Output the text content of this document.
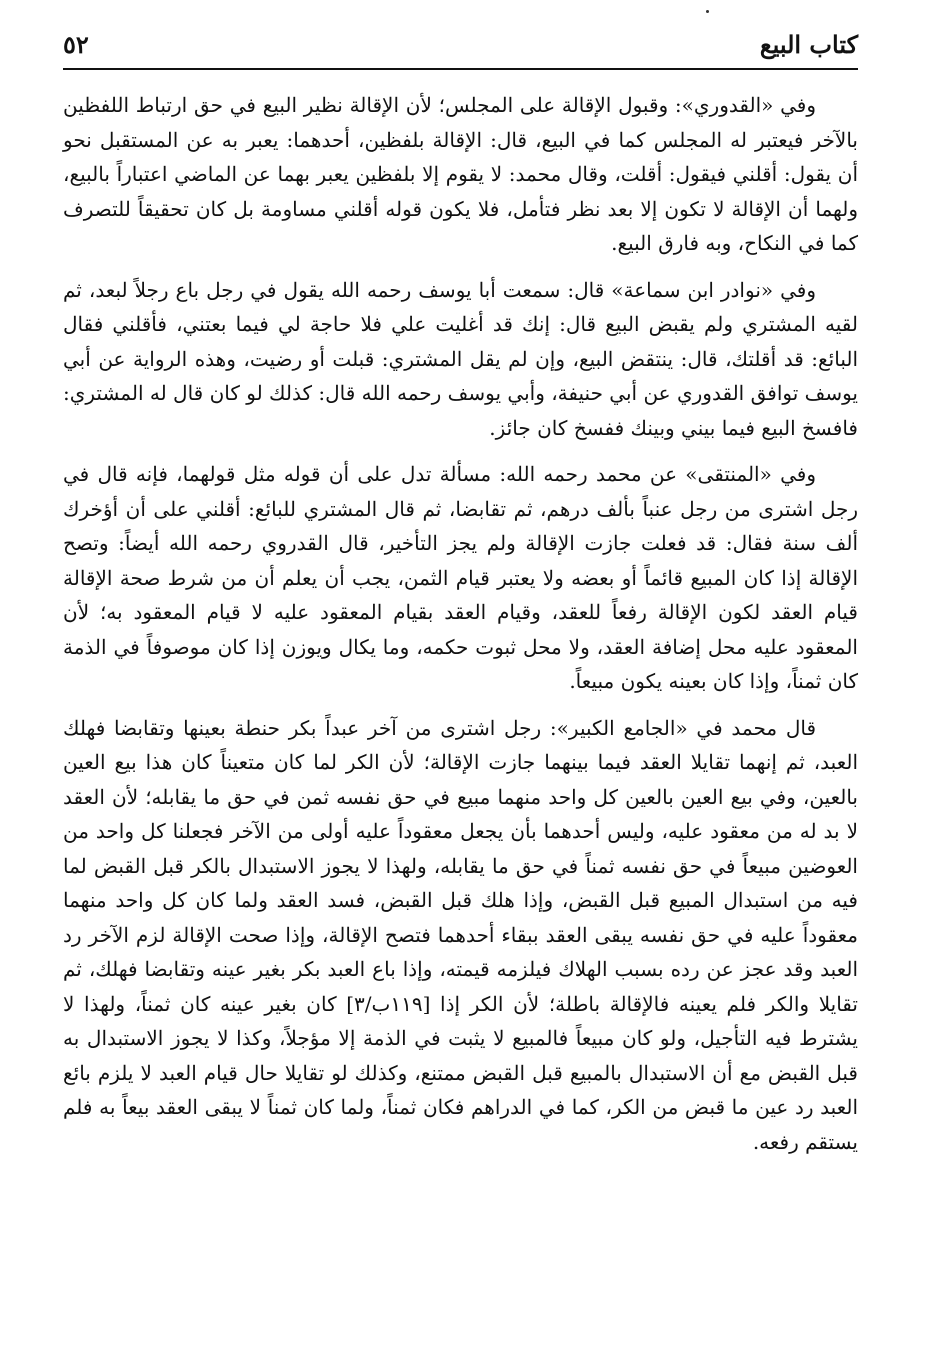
كتاب البيع
٥٢

وفي «القدوري»: وقبول الإقالة على المجلس؛ لأن الإقالة نظير البيع في حق ارتباط اللفظين بالآخر فيعتبر له المجلس كما في البيع، قال: الإقالة بلفظين، أحدهما: يعبر به عن المستقبل نحو أن يقول: أقلني فيقول: أقلت، وقال محمد: لا يقوم إلا بلفظين يعبر بهما عن الماضي اعتباراً بالبيع، ولهما أن الإقالة لا تكون إلا بعد نظر فتأمل، فلا يكون قوله أقلني مساومة بل كان تحقيقاً للتصرف كما في النكاح، وبه فارق البيع.

وفي «نوادر ابن سماعة» قال: سمعت أبا يوسف رحمه الله يقول في رجل باع رجلاً لبعد، ثم لقيه المشتري ولم يقبض البيع قال: إنك قد أغليت علي فلا حاجة لي فيما بعتني، فأقلني فقال البائع: قد أقلتك، قال: ينتقض البيع، وإن لم يقل المشتري: قبلت أو رضيت، وهذه الرواية عن أبي يوسف توافق القدوري عن أبي حنيفة، وأبي يوسف رحمه الله قال: كذلك لو كان قال له المشتري: فافسخ البيع فيما بيني وبينك ففسخ كان جائز.

وفي «المنتقى» عن محمد رحمه الله: مسألة تدل على أن قوله مثل قولهما، فإنه قال في رجل اشترى من رجل عنباً بألف درهم، ثم تقابضا، ثم قال المشتري للبائع: أقلني على أن أؤخرك ألف سنة فقال: قد فعلت جازت الإقالة ولم يجز التأخير، قال القدروي رحمه الله أيضاً: وتصح الإقالة إذا كان المبيع قائماً أو بعضه ولا يعتبر قيام الثمن، يجب أن يعلم أن من شرط صحة الإقالة قيام العقد لكون الإقالة رفعاً للعقد، وقيام العقد بقيام المعقود عليه لا قيام المعقود به؛ لأن المعقود عليه محل إضافة العقد، ولا محل ثبوت حكمه، وما يكال ويوزن إذا كان موصوفاً في الذمة كان ثمناً، وإذا كان بعينه يكون مبيعاً.

قال محمد في «الجامع الكبير»: رجل اشترى من آخر عبداً بكر حنطة بعينها وتقابضا فهلك العبد، ثم إنهما تقايلا العقد فيما بينهما جازت الإقالة؛ لأن الكر لما كان متعيناً كان هذا بيع العين بالعين، وفي بيع العين بالعين كل واحد منهما مبيع في حق نفسه ثمن في حق ما يقابله؛ لأن العقد لا بد له من معقود عليه، وليس أحدهما بأن يجعل معقوداً عليه أولى من الآخر فجعلنا كل واحد من العوضين مبيعاً في حق نفسه ثمناً في حق ما يقابله، ولهذا لا يجوز الاستبدال بالكر قبل القبض لما فيه من استبدال المبيع قبل القبض، وإذا هلك قبل القبض، فسد العقد ولما كان كل واحد منهما معقوداً عليه في حق نفسه يبقى العقد ببقاء أحدهما فتصح الإقالة، وإذا صحت الإقالة لزم الآخر رد العبد وقد عجز عن رده بسبب الهلاك فيلزمه قيمته، وإذا باع العبد بكر بغير عينه وتقابضا فهلك، ثم تقايلا والكر فلم يعينه فالإقالة باطلة؛ لأن الكر إذا [١١٩ب/٣] كان بغير عينه كان ثمناً، ولهذا لا يشترط فيه التأجيل، ولو كان مبيعاً فالمبيع لا يثبت في الذمة إلا مؤجلاً، وكذا لا يجوز الاستبدال به قبل القبض مع أن الاستبدال بالمبيع قبل القبض ممتنع، وكذلك لو تقايلا حال قيام العبد لا يلزم بائع العبد رد عين ما قبض من الكر، كما في الدراهم فكان ثمناً، ولما كان ثمناً لا يبقى العقد بيعاً به فلم يستقم رفعه.
